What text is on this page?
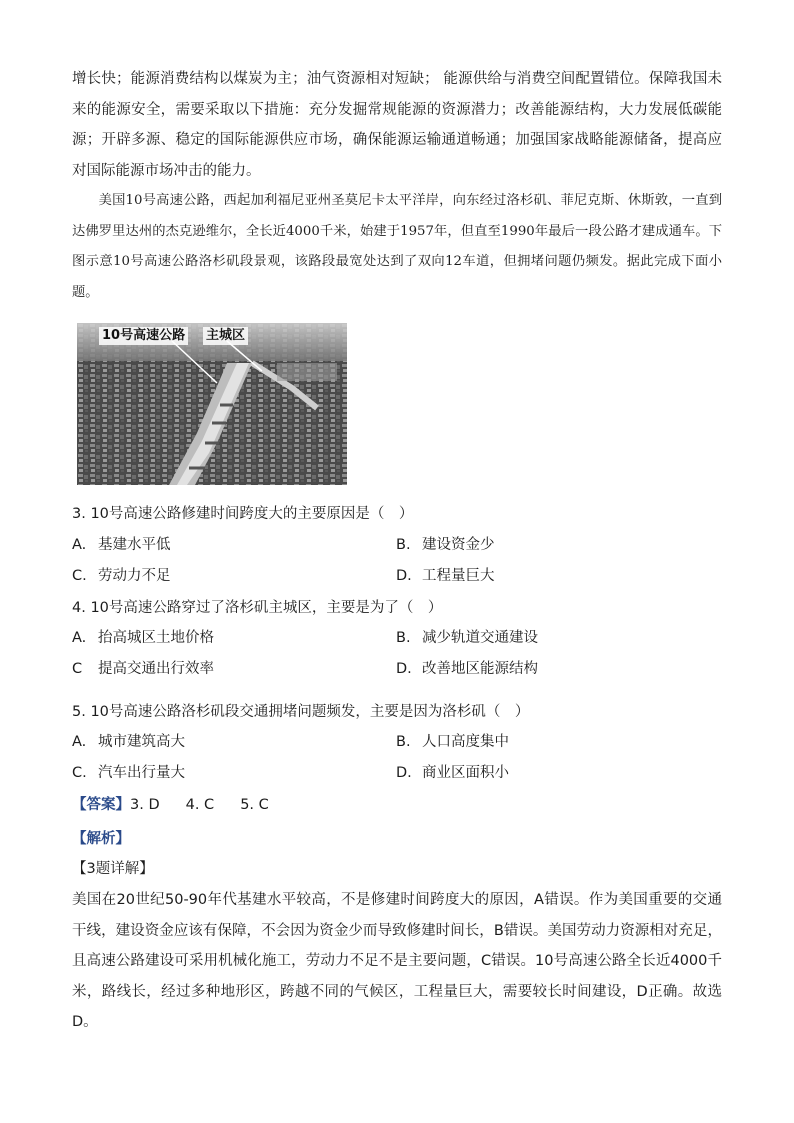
增长快；能源消费结构以煤炭为主；油气资源相对短缺； 能源供给与消费空间配置错位。保障我国未来的能源安全，需要采取以下措施：充分发掘常规能源的资源潜力；改善能源结构，大力发展低碳能源；开辟多源、稳定的国际能源供应市场，确保能源运输通道畅通；加强国家战略能源储备，提高应对国际能源市场冲击的能力。

美国10号高速公路，西起加利福尼亚州圣莫尼卡太平洋岸，向东经过洛杉矶、菲尼克斯、休斯敦，一直到达佛罗里达州的杰克逊维尔，全长近4000千米，始建于1957年，但直至1990年最后一段公路才建成通车。下图示意10号高速公路洛杉矶段景观，该路段最宽处达到了双向12车道，但拥堵问题仍频发。据此完成下面小题。

10号高速公路 主城区

3. 10号高速公路修建时间跨度大的主要原因是（　）

A. 基建水平低	B. 建设资金少
C. 劳动力不足	D. 工程量巨大

4. 10号高速公路穿过了洛杉矶主城区，主要是为了（　）

A. 抬高城区土地价格	B. 减少轨道交通建设
C 提高交通出行效率	D. 改善地区能源结构

5. 10号高速公路洛杉矶段交通拥堵问题频发，主要是因为洛杉矶（　）

A. 城市建筑高大	B. 人口高度集中
C. 汽车出行量大	D. 商业区面积小
【答案】3. D 4. C 5. C
【解析】
【3题详解】

美国在20世纪50-90年代基建水平较高，不是修建时间跨度大的原因，A错误。作为美国重要的交通干线，建设资金应该有保障，不会因为资金少而导致修建时间长，B错误。美国劳动力资源相对充足，且高速公路建设可采用机械化施工，劳动力不足不是主要问题，C错误。10号高速公路全长近4000千米，路线长，经过多种地形区，跨越不同的气候区，工程量巨大，需要较长时间建设，D正确。故选D。
